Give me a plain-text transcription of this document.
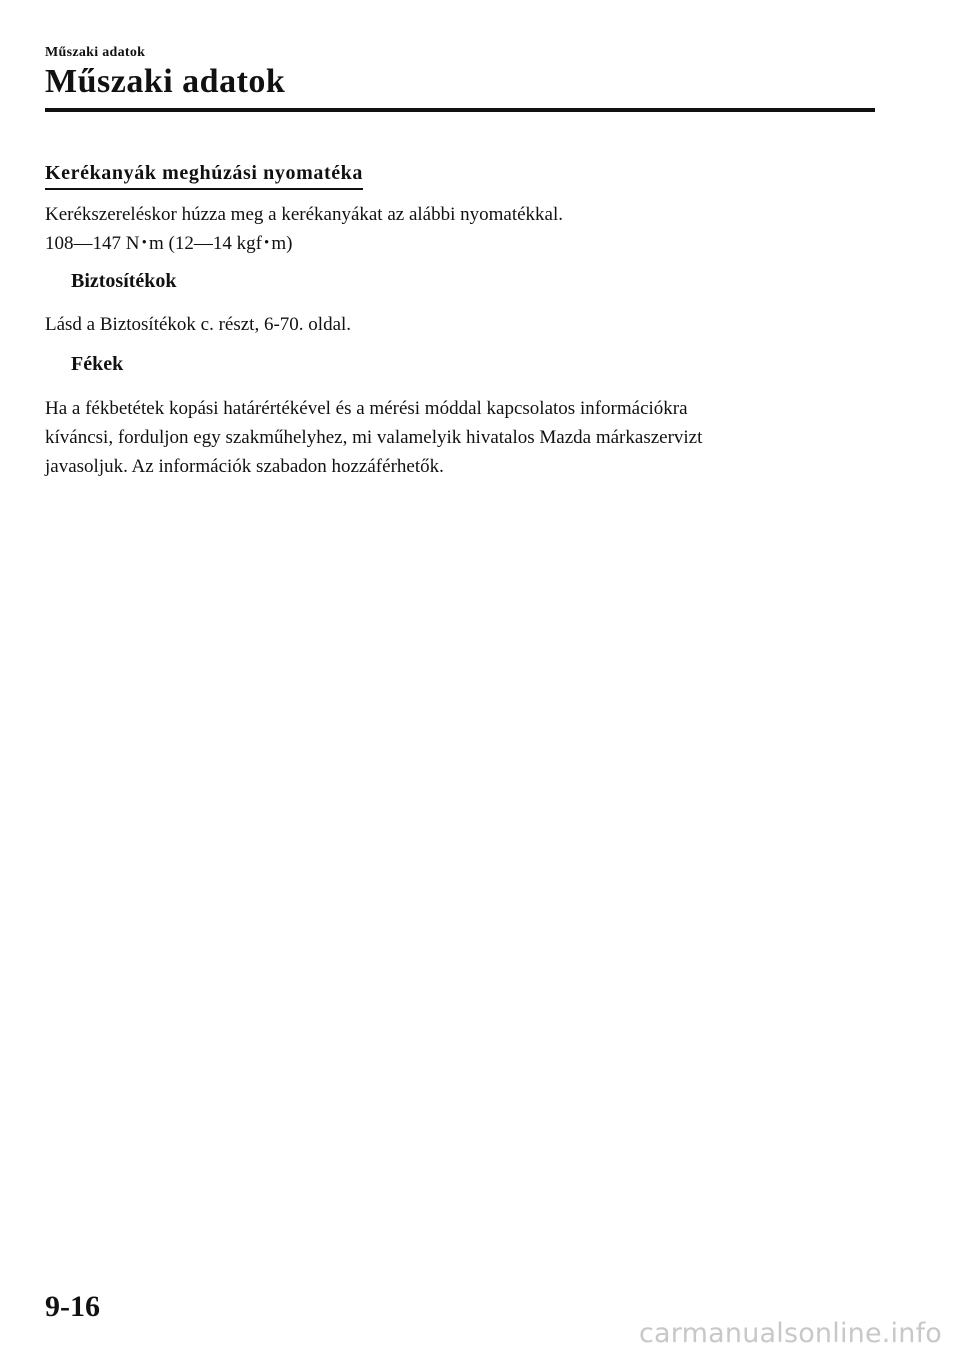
Műszaki adatok
Műszaki adatok
Kerékanyák meghúzási nyomatéka
Kerékszereléskor húzza meg a kerékanyákat az alábbi nyomatékkal.
108―147 N･m (12―14 kgf･m)
Biztosítékok
Lásd a Biztosítékok c. részt, 6-70. oldal.
Fékek
Ha a fékbetétek kopási határértékével és a mérési móddal kapcsolatos információkra
kíváncsi, forduljon egy szakműhelyhez, mi valamelyik hivatalos Mazda márkaszervizt
javasoljuk. Az információk szabadon hozzáférhetők.
9-16
carmanualsonline.info
